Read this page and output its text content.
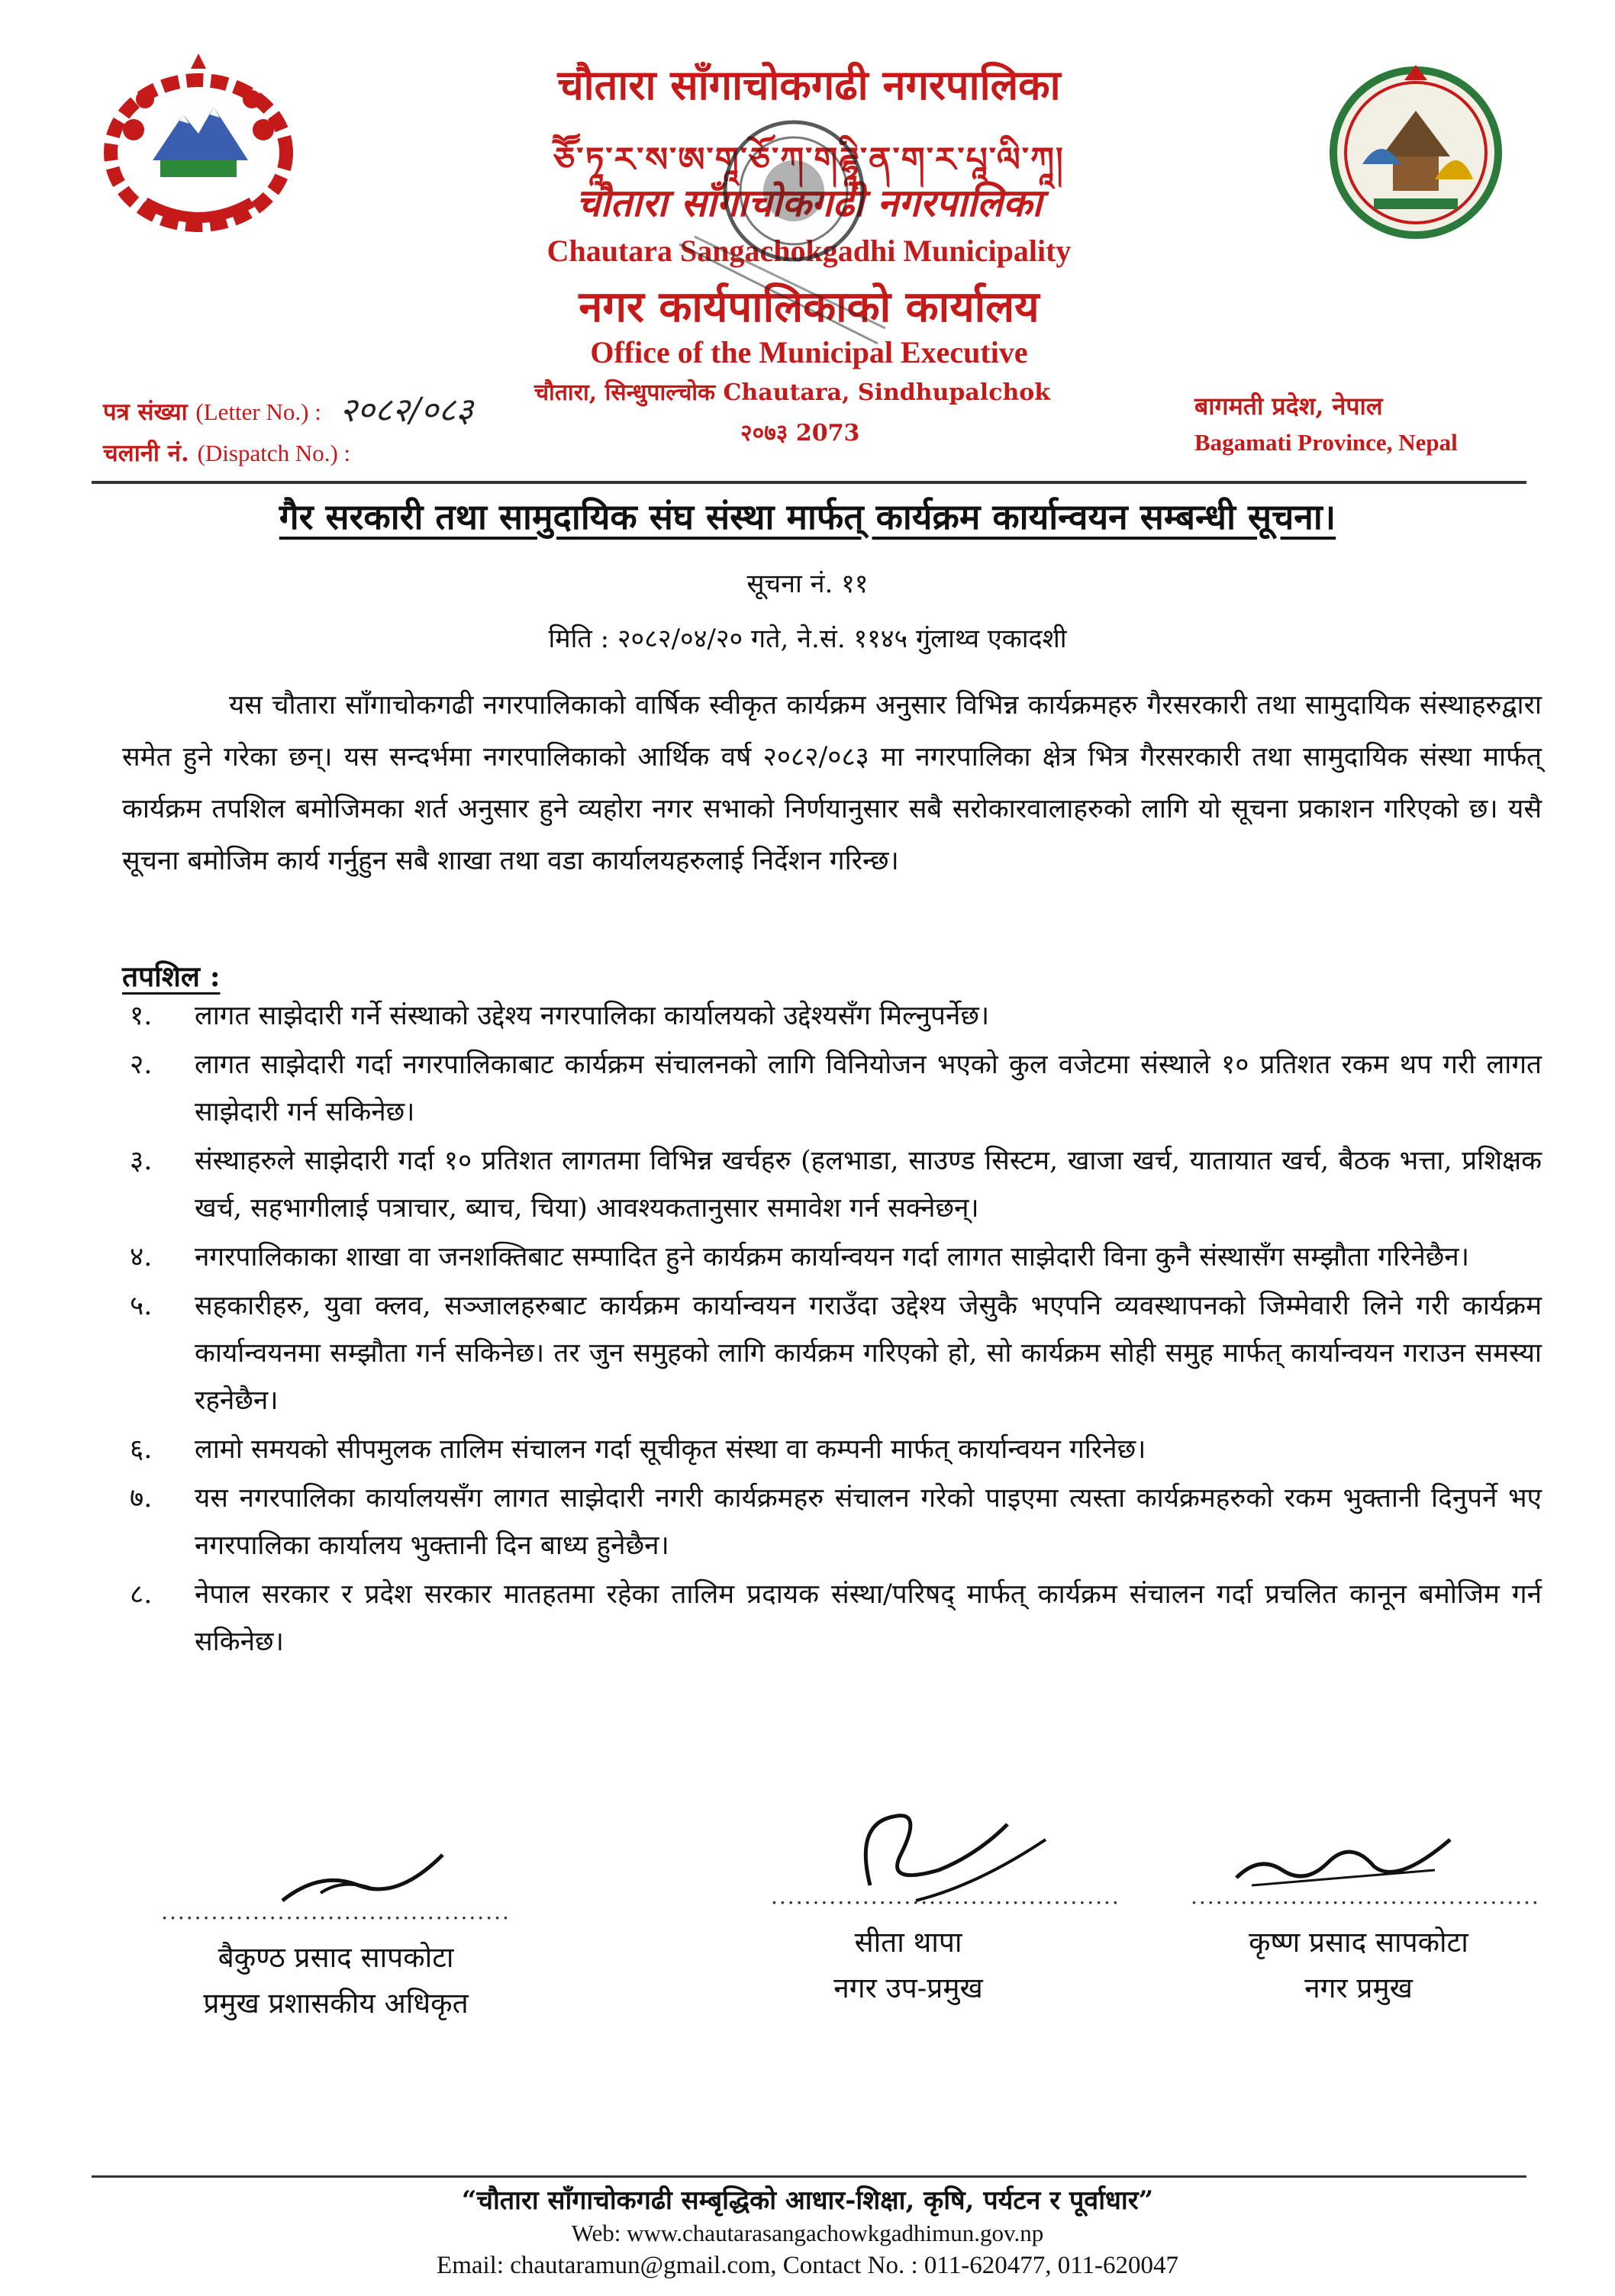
चौतारा साँगाचोकगढी नगरपालिका
ཅཽ་ཏཱ་ར་ས་ཨ་གཱ་ཅོ་ཀ་གཌྷཱི་ན་ག་ར་པཱ་ལི་ཀཱ།
चौतारा साँगाचोकगढी नगरपालिका
Chautara Sangachokgadhi Municipality
नगर कार्यपालिकाको कार्यालय
Office of the Municipal Executive
चौतारा, सिन्धुपाल्चोक Chautara, Sindhupalchok
२०७३ 2073
पत्र संख्या (Letter No.) : २०८२/०८३
चलानी नं. (Dispatch No.) :
बागमती प्रदेश, नेपाल
Bagamati Province, Nepal
गैर सरकारी तथा सामुदायिक संघ संस्था मार्फत् कार्यक्रम कार्यान्वयन सम्बन्धी सूचना।
सूचना नं. ११
मिति : २०८२/०४/२० गते, ने.सं. ११४५ गुंलाथ्व एकादशी
यस चौतारा साँगाचोकगढी नगरपालिकाको वार्षिक स्वीकृत कार्यक्रम अनुसार विभिन्न कार्यक्रमहरु गैरसरकारी तथा सामुदायिक संस्थाहरुद्वारा समेत हुने गरेका छन्। यस सन्दर्भमा नगरपालिकाको आर्थिक वर्ष २०८२/०८३ मा नगरपालिका क्षेत्र भित्र गैरसरकारी तथा सामुदायिक संस्था मार्फत् कार्यक्रम तपशिल बमोजिमका शर्त अनुसार हुने व्यहोरा नगर सभाको निर्णयानुसार सबै सरोकारवालाहरुको लागि यो सूचना प्रकाशन गरिएको छ। यसै सूचना बमोजिम कार्य गर्नुहुन सबै शाखा तथा वडा कार्यालयहरुलाई निर्देशन गरिन्छ।
तपशिल :
१. लागत साझेदारी गर्ने संस्थाको उद्देश्य नगरपालिका कार्यालयको उद्देश्यसँग मिल्नुपर्नेछ।
२. लागत साझेदारी गर्दा नगरपालिकाबाट कार्यक्रम संचालनको लागि विनियोजन भएको कुल वजेटमा संस्थाले १० प्रतिशत रकम थप गरी लागत साझेदारी गर्न सकिनेछ।
३. संस्थाहरुले साझेदारी गर्दा १० प्रतिशत लागतमा विभिन्न खर्चहरु (हलभाडा, साउण्ड सिस्टम, खाजा खर्च, यातायात खर्च, बैठक भत्ता, प्रशिक्षक खर्च, सहभागीलाई पत्राचार, ब्याच, चिया) आवश्यकतानुसार समावेश गर्न सक्नेछन्।
४. नगरपालिकाका शाखा वा जनशक्तिबाट सम्पादित हुने कार्यक्रम कार्यान्वयन गर्दा लागत साझेदारी विना कुनै संस्थासँग सम्झौता गरिनेछैन।
५. सहकारीहरु, युवा क्लव, सञ्जालहरुबाट कार्यक्रम कार्यान्वयन गराउँदा उद्देश्य जेसुकै भएपनि व्यवस्थापनको जिम्मेवारी लिने गरी कार्यक्रम कार्यान्वयनमा सम्झौता गर्न सकिनेछ। तर जुन समुहको लागि कार्यक्रम गरिएको हो, सो कार्यक्रम सोही समुह मार्फत् कार्यान्वयन गराउन समस्या रहनेछैन।
६. लामो समयको सीपमुलक तालिम संचालन गर्दा सूचीकृत संस्था वा कम्पनी मार्फत् कार्यान्वयन गरिनेछ।
७. यस नगरपालिका कार्यालयसँग लागत साझेदारी नगरी कार्यक्रमहरु संचालन गरेको पाइएमा त्यस्ता कार्यक्रमहरुको रकम भुक्तानी दिनुपर्ने भए नगरपालिका कार्यालय भुक्तानी दिन बाध्य हुनेछैन।
८. नेपाल सरकार र प्रदेश सरकार मातहतमा रहेका तालिम प्रदायक संस्था/परिषद् मार्फत् कार्यक्रम संचालन गर्दा प्रचलित कानून बमोजिम गर्न सकिनेछ।
..........................................
बैकुण्ठ प्रसाद सापकोटा
प्रमुख प्रशासकीय अधिकृत
..........................................
सीता थापा
नगर उप-प्रमुख
..........................................
कृष्ण प्रसाद सापकोटा
नगर प्रमुख
“चौतारा साँगाचोकगढी सम्बृद्धिको आधार-शिक्षा, कृषि, पर्यटन र पूर्वाधार”
Web: www.chautarasangachowkgadhimun.gov.np
Email: chautaramun@gmail.com, Contact No. : 011-620477, 011-620047
